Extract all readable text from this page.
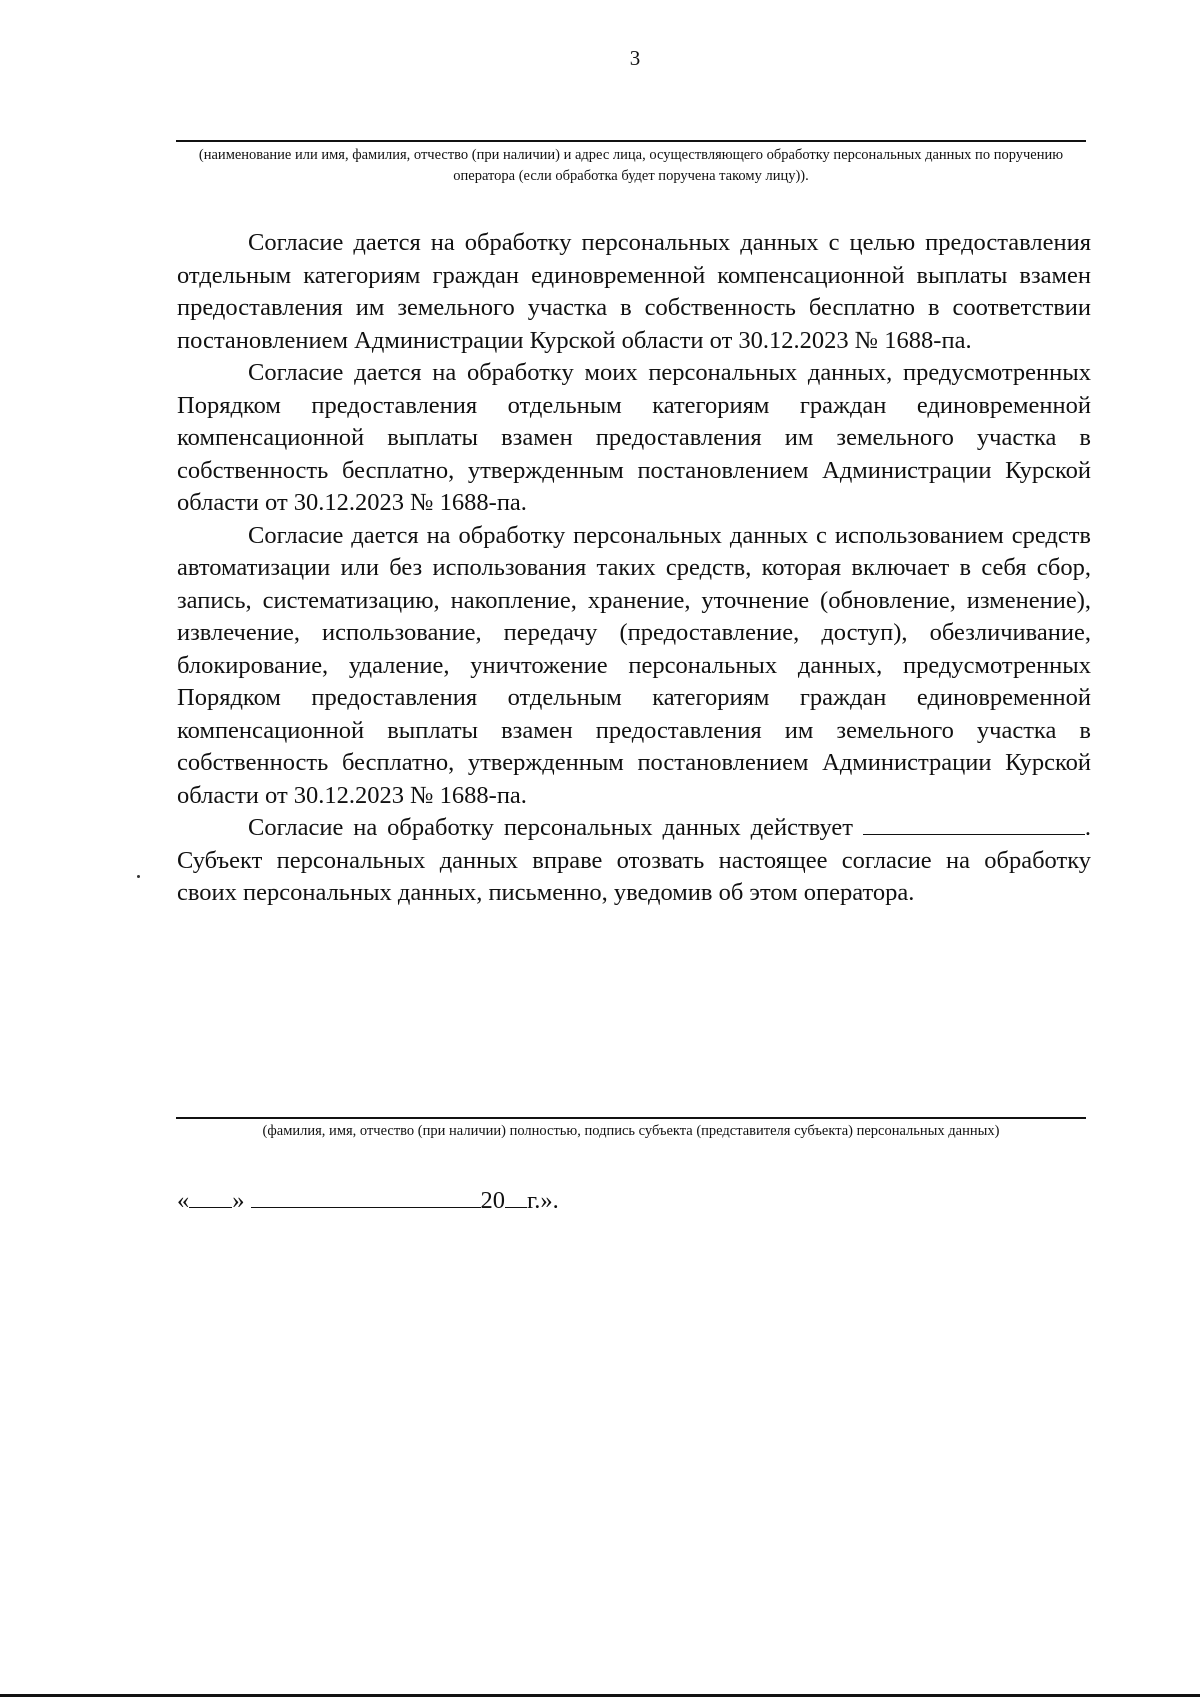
3
(наименование или имя, фамилия, отчество (при наличии) и адрес лица, осуществляющего обработку персональных данных по поручению оператора (если обработка будет поручена такому лицу)).

Согласие дается на обработку персональных данных с целью предоставления отдельным категориям граждан единовременной компенсационной выплаты взамен предоставления им земельного участка в собственность бесплатно в соответствии постановлением Администрации Курской области от 30.12.2023 № 1688-па.

Согласие дается на обработку моих персональных данных, предусмотренных Порядком предоставления отдельным категориям граждан единовременной компенсационной выплаты взамен предоставления им земельного участка в собственность бесплатно, утвержденным постановлением Администрации Курской области от 30.12.2023 № 1688-па.

Согласие дается на обработку персональных данных с использованием средств автоматизации или без использования таких средств, которая включает в себя сбор, запись, систематизацию, накопление, хранение, уточнение (обновление, изменение), извлечение, использование, передачу (предоставление, доступ), обезличивание, блокирование, удаление, уничтожение персональных данных, предусмотренных Порядком предоставления отдельным категориям граждан единовременной компенсационной выплаты взамен предоставления им земельного участка в собственность бесплатно, утвержденным постановлением Администрации Курской области от 30.12.2023 № 1688-па.

Согласие на обработку персональных данных действует	. Субъект персональных данных вправе отозвать настоящее согласие на обработку своих персональных данных, письменно, уведомив об этом оператора.

(фамилия, имя, отчество (при наличии) полностью, подпись субъекта (представителя субъекта) персональных данных)
« »	20 г.».
